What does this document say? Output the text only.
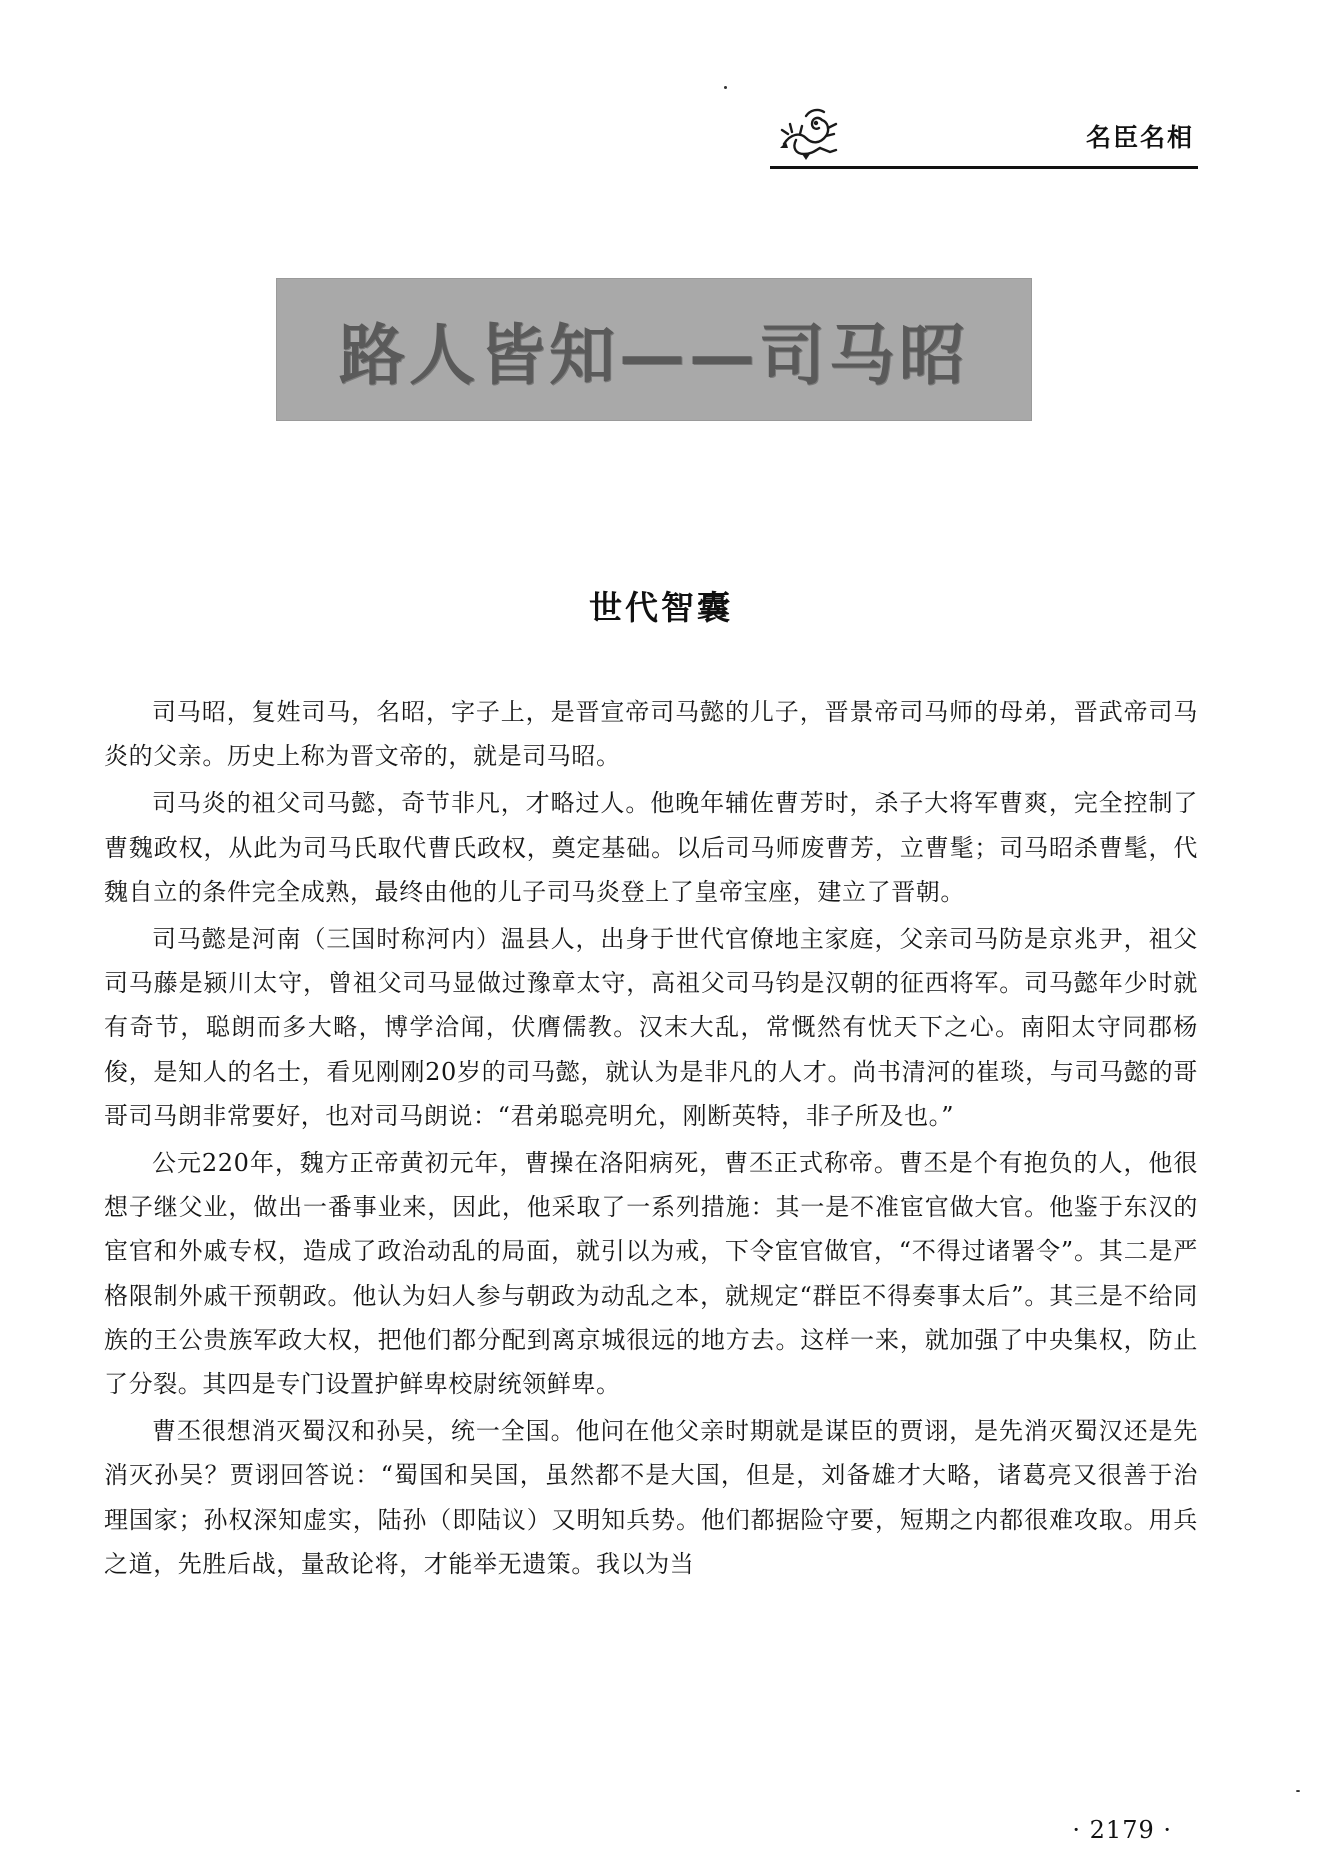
名臣名相
路人皆知——司马昭
世代智囊

司马昭，复姓司马，名昭，字子上，是晋宣帝司马懿的儿子，晋景帝司马师的母弟，晋武帝司马炎的父亲。历史上称为晋文帝的，就是司马昭。

司马炎的祖父司马懿，奇节非凡，才略过人。他晚年辅佐曹芳时，杀子大将军曹爽，完全控制了曹魏政权，从此为司马氏取代曹氏政权，奠定基础。以后司马师废曹芳，立曹髦；司马昭杀曹髦，代魏自立的条件完全成熟，最终由他的儿子司马炎登上了皇帝宝座，建立了晋朝。

司马懿是河南（三国时称河内）温县人，出身于世代官僚地主家庭，父亲司马防是京兆尹，祖父司马藤是颍川太守，曾祖父司马显做过豫章太守，高祖父司马钧是汉朝的征西将军。司马懿年少时就有奇节，聪朗而多大略，博学洽闻，伏膺儒教。汉末大乱，常慨然有忧天下之心。南阳太守同郡杨俊，是知人的名士，看见刚刚20岁的司马懿，就认为是非凡的人才。尚书清河的崔琰，与司马懿的哥哥司马朗非常要好，也对司马朗说：“君弟聪亮明允，刚断英特，非子所及也。”

公元220年，魏方正帝黄初元年，曹操在洛阳病死，曹丕正式称帝。曹丕是个有抱负的人，他很想子继父业，做出一番事业来，因此，他采取了一系列措施：其一是不准宦官做大官。他鉴于东汉的宦官和外戚专权，造成了政治动乱的局面，就引以为戒，下令宦官做官，“不得过诸署令”。其二是严格限制外戚干预朝政。他认为妇人参与朝政为动乱之本，就规定“群臣不得奏事太后”。其三是不给同族的王公贵族军政大权，把他们都分配到离京城很远的地方去。这样一来，就加强了中央集权，防止了分裂。其四是专门设置护鲜卑校尉统领鲜卑。

曹丕很想消灭蜀汉和孙吴，统一全国。他问在他父亲时期就是谋臣的贾诩，是先消灭蜀汉还是先消灭孙吴？贾诩回答说：“蜀国和吴国，虽然都不是大国，但是，刘备雄才大略，诸葛亮又很善于治理国家；孙权深知虚实，陆孙（即陆议）又明知兵势。他们都据险守要，短期之内都很难攻取。用兵之道，先胜后战，量敌论将，才能举无遗策。我以为当

· 2179 ·
